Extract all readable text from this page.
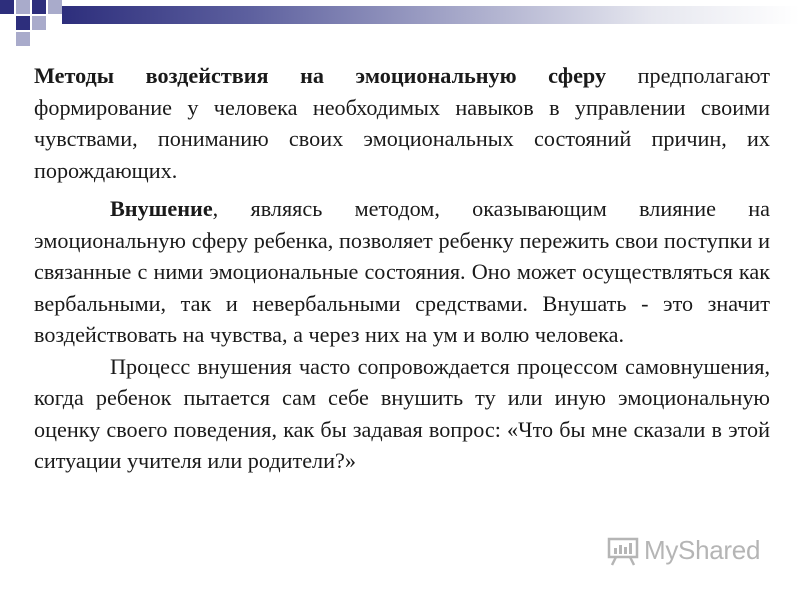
Методы воздействия на эмоциональную сферу предполагают формирование у человека необходимых навыков в управлении своими чувствами, пониманию своих эмоциональных состояний причин, их порождающих.

Внушение, являясь методом, оказывающим влияние на эмоциональную сферу ребенка, позволяет ребенку пережить свои поступки и связанные с ними эмоциональные состояния. Оно может осуществляться как вербальными, так и невербальными средствами. Внушать - это значит воздействовать на чувства, а через них на ум и волю человека.

Процесс внушения часто сопровождается процессом самовнушения, когда ребенок пытается сам себе внушить ту или иную эмоциональную оценку своего поведения, как бы задавая вопрос: «Что бы мне сказали в этой ситуации учителя или родители?»

MyShared
